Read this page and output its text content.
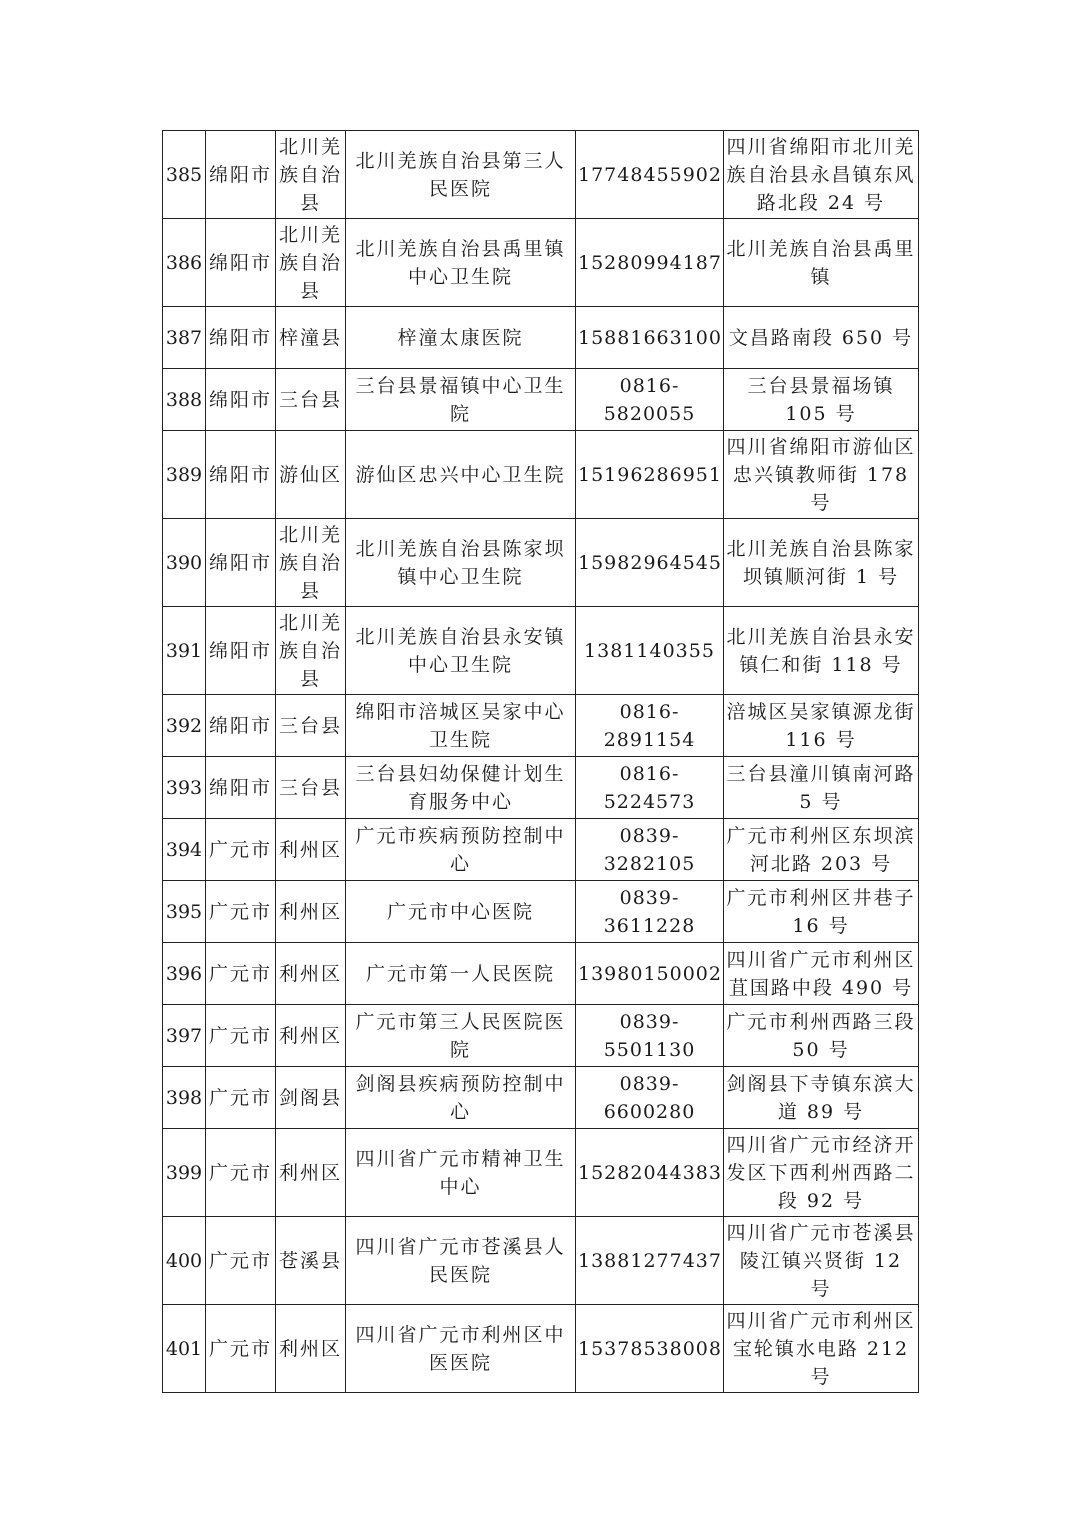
385	绵阳市	北川羌族自治县	北川羌族自治县第三人民医院	17748455902	四川省绵阳市北川羌族自治县永昌镇东风路北段 24 号
386	绵阳市	北川羌族自治县	北川羌族自治县禹里镇中心卫生院	15280994187	北川羌族自治县禹里镇
387	绵阳市	梓潼县	梓潼太康医院	15881663100	文昌路南段 650 号
388	绵阳市	三台县	三台县景福镇中心卫生院	0816-5820055	三台县景福场镇 105 号
389	绵阳市	游仙区	游仙区忠兴中心卫生院	15196286951	四川省绵阳市游仙区忠兴镇教师街 178 号
390	绵阳市	北川羌族自治县	北川羌族自治县陈家坝镇中心卫生院	15982964545	北川羌族自治县陈家坝镇顺河街 1 号
391	绵阳市	北川羌族自治县	北川羌族自治县永安镇中心卫生院	1381140355	北川羌族自治县永安镇仁和街 118 号
392	绵阳市	三台县	绵阳市涪城区吴家中心卫生院	0816-2891154	涪城区吴家镇源龙街 116 号
393	绵阳市	三台县	三台县妇幼保健计划生育服务中心	0816-5224573	三台县潼川镇南河路 5 号
394	广元市	利州区	广元市疾病预防控制中心	0839-3282105	广元市利州区东坝滨河北路 203 号
395	广元市	利州区	广元市中心医院	0839-3611228	广元市利州区井巷子 16 号
396	广元市	利州区	广元市第一人民医院	13980150002	四川省广元市利州区苴国路中段 490 号
397	广元市	利州区	广元市第三人民医院医院	0839-5501130	广元市利州西路三段 50 号
398	广元市	剑阁县	剑阁县疾病预防控制中心	0839-6600280	剑阁县下寺镇东滨大道 89 号
399	广元市	利州区	四川省广元市精神卫生中心	15282044383	四川省广元市经济开发区下西利州西路二段 92 号
400	广元市	苍溪县	四川省广元市苍溪县人民医院	13881277437	四川省广元市苍溪县陵江镇兴贤街 12 号
401	广元市	利州区	四川省广元市利州区中医医院	15378538008	四川省广元市利州区宝轮镇水电路 212 号
